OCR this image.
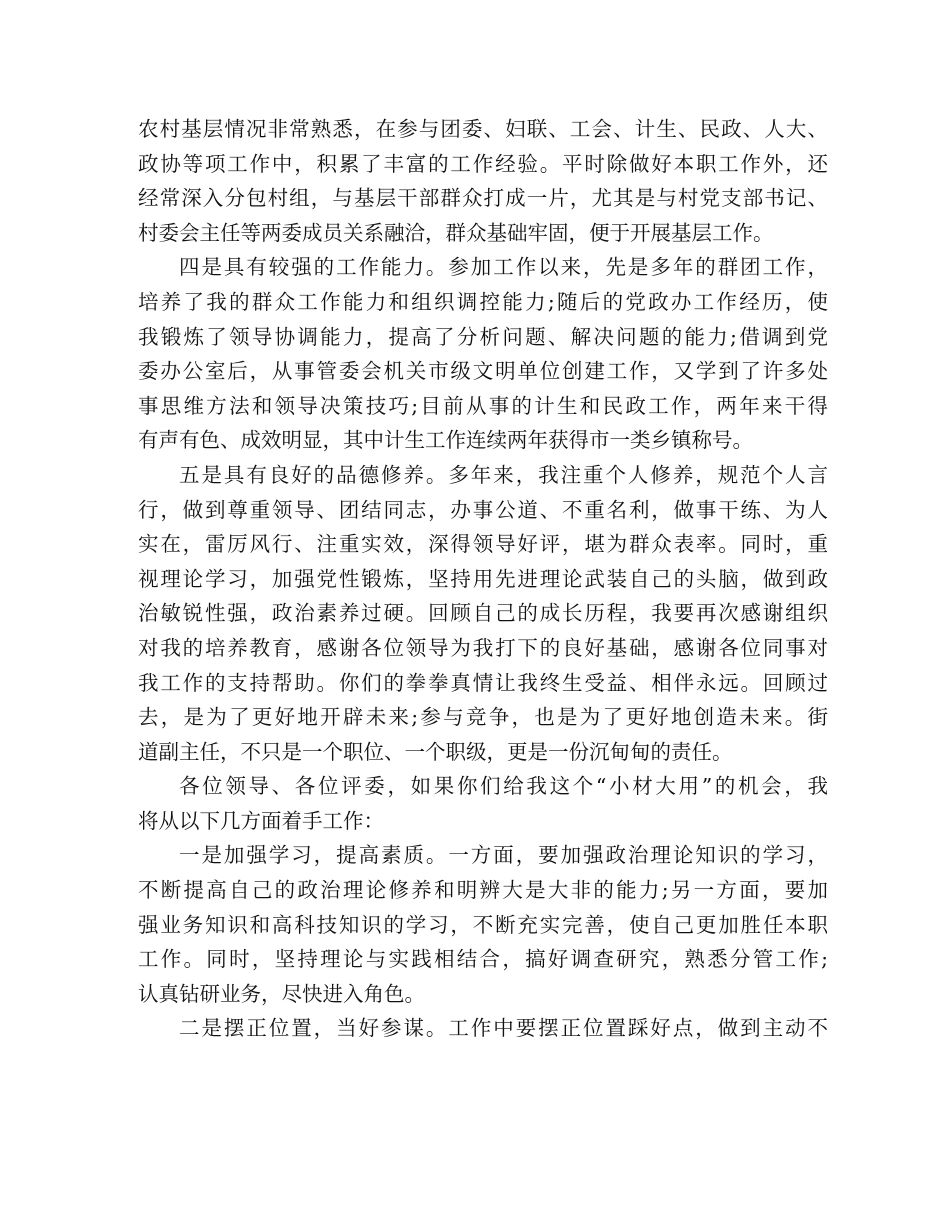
农村基层情况非常熟悉，在参与团委、妇联、工会、计生、民政、人大、
政协等项工作中，积累了丰富的工作经验。平时除做好本职工作外，还
经常深入分包村组，与基层干部群众打成一片，尤其是与村党支部书记、
村委会主任等两委成员关系融洽，群众基础牢固，便于开展基层工作。
四是具有较强的工作能力。参加工作以来，先是多年的群团工作，
培养了我的群众工作能力和组织调控能力;随后的党政办工作经历，使
我锻炼了领导协调能力，提高了分析问题、解决问题的能力;借调到党
委办公室后，从事管委会机关市级文明单位创建工作，又学到了许多处
事思维方法和领导决策技巧;目前从事的计生和民政工作，两年来干得
有声有色、成效明显，其中计生工作连续两年获得市一类乡镇称号。
五是具有良好的品德修养。多年来，我注重个人修养，规范个人言
行，做到尊重领导、团结同志，办事公道、不重名利，做事干练、为人
实在，雷厉风行、注重实效，深得领导好评，堪为群众表率。同时，重
视理论学习，加强党性锻炼，坚持用先进理论武装自己的头脑，做到政
治敏锐性强，政治素养过硬。回顾自己的成长历程，我要再次感谢组织
对我的培养教育，感谢各位领导为我打下的良好基础，感谢各位同事对
我工作的支持帮助。你们的拳拳真情让我终生受益、相伴永远。回顾过
去，是为了更好地开辟未来;参与竞争，也是为了更好地创造未来。街
道副主任，不只是一个职位、一个职级，更是一份沉甸甸的责任。
各位领导、各位评委，如果你们给我这个“小材大用”的机会，我
将从以下几方面着手工作：
一是加强学习，提高素质。一方面，要加强政治理论知识的学习，
不断提高自己的政治理论修养和明辨大是大非的能力;另一方面，要加
强业务知识和高科技知识的学习，不断充实完善，使自己更加胜任本职
工作。同时，坚持理论与实践相结合，搞好调查研究，熟悉分管工作;
认真钻研业务，尽快进入角色。
二是摆正位置，当好参谋。工作中要摆正位置踩好点，做到主动不
